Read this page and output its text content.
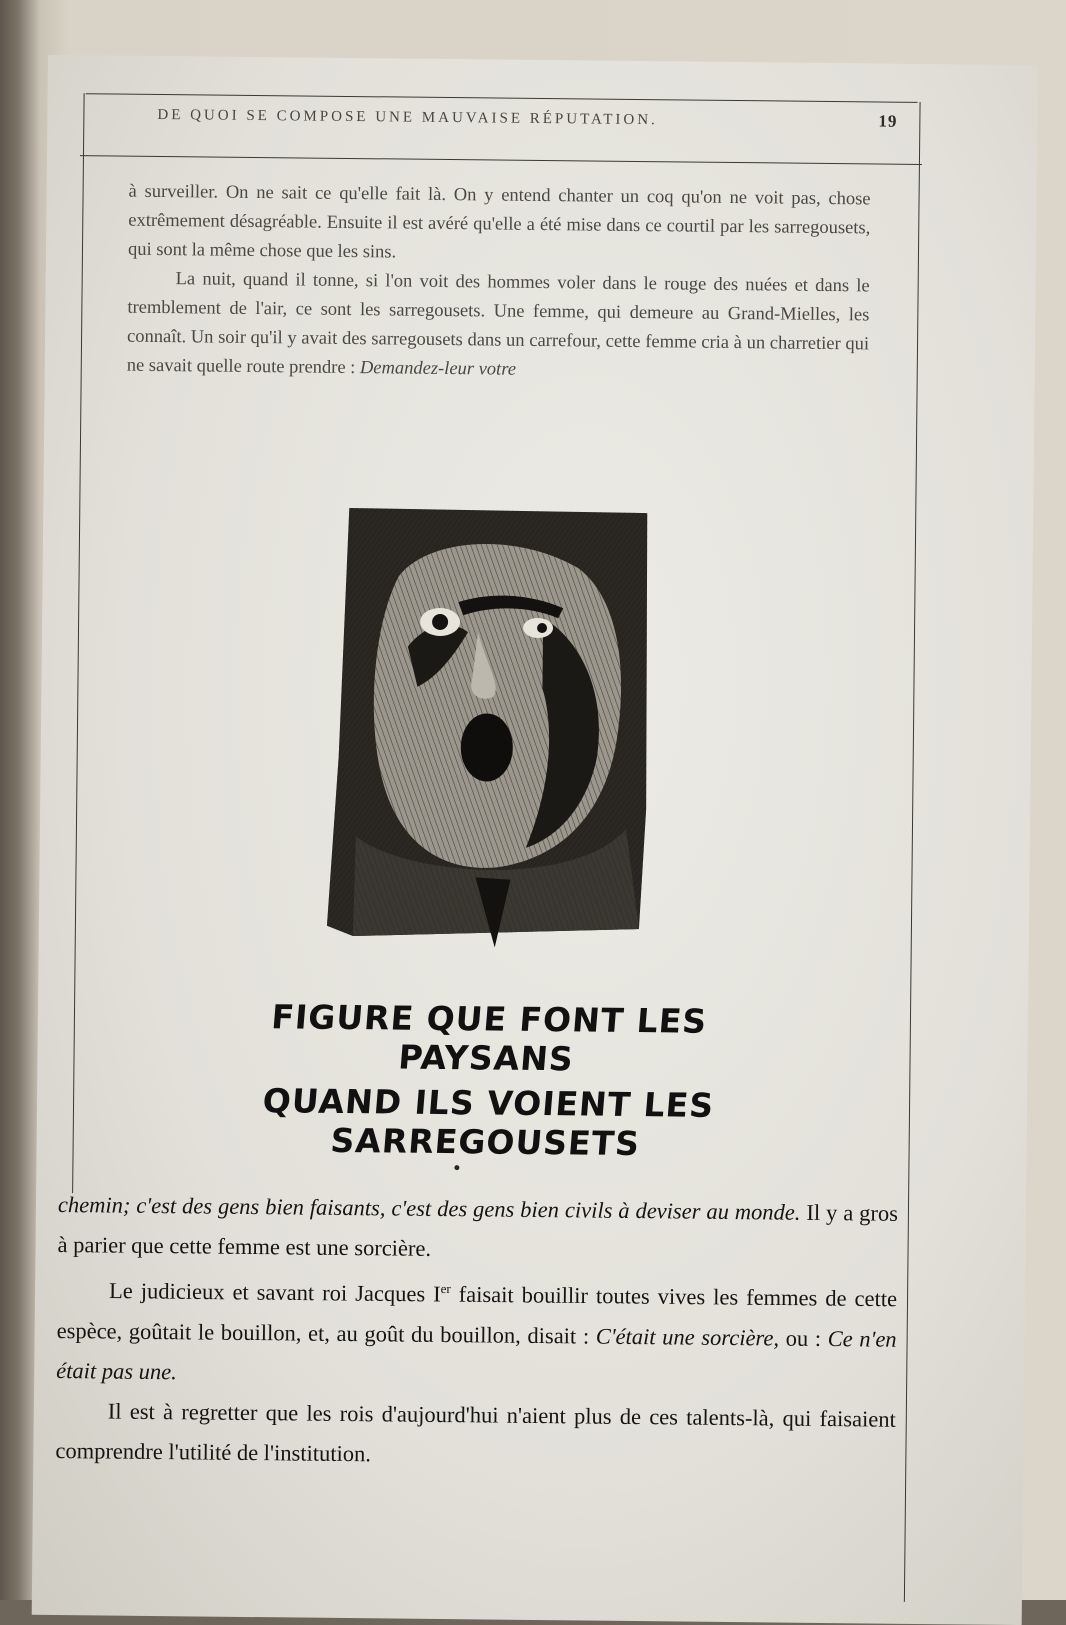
DE QUOI SE COMPOSE UNE MAUVAISE RÉPUTATION.	19

à surveiller. On ne sait ce qu'elle fait là. On y entend chanter un coq qu'on ne voit pas, chose extrêmement désagréable. Ensuite il est avéré qu'elle a été mise dans ce courtil par les sarregousets, qui sont la même chose que les sins.

La nuit, quand il tonne, si l'on voit des hommes voler dans le rouge des nuées et dans le tremblement de l'air, ce sont les sarregousets. Une femme, qui demeure au Grand-Mielles, les connaît. Un soir qu'il y avait des sarregousets dans un carrefour, cette femme cria à un charretier qui ne savait quelle route prendre : Demandez-leur votre

FIGURE QUE FONT LES PAYSANS
QUAND ILS VOIENT LES SARREGOUSETS

chemin; c'est des gens bien faisants, c'est des gens bien civils à deviser au monde. Il y a gros à parier que cette femme est une sorcière.

Le judicieux et savant roi Jacques Ier faisait bouillir toutes vives les femmes de cette espèce, goûtait le bouillon, et, au goût du bouillon, disait : C'était une sorcière, ou : Ce n'en était pas une.

Il est à regretter que les rois d'aujourd'hui n'aient plus de ces talents-là, qui faisaient comprendre l'utilité de l'institution.
